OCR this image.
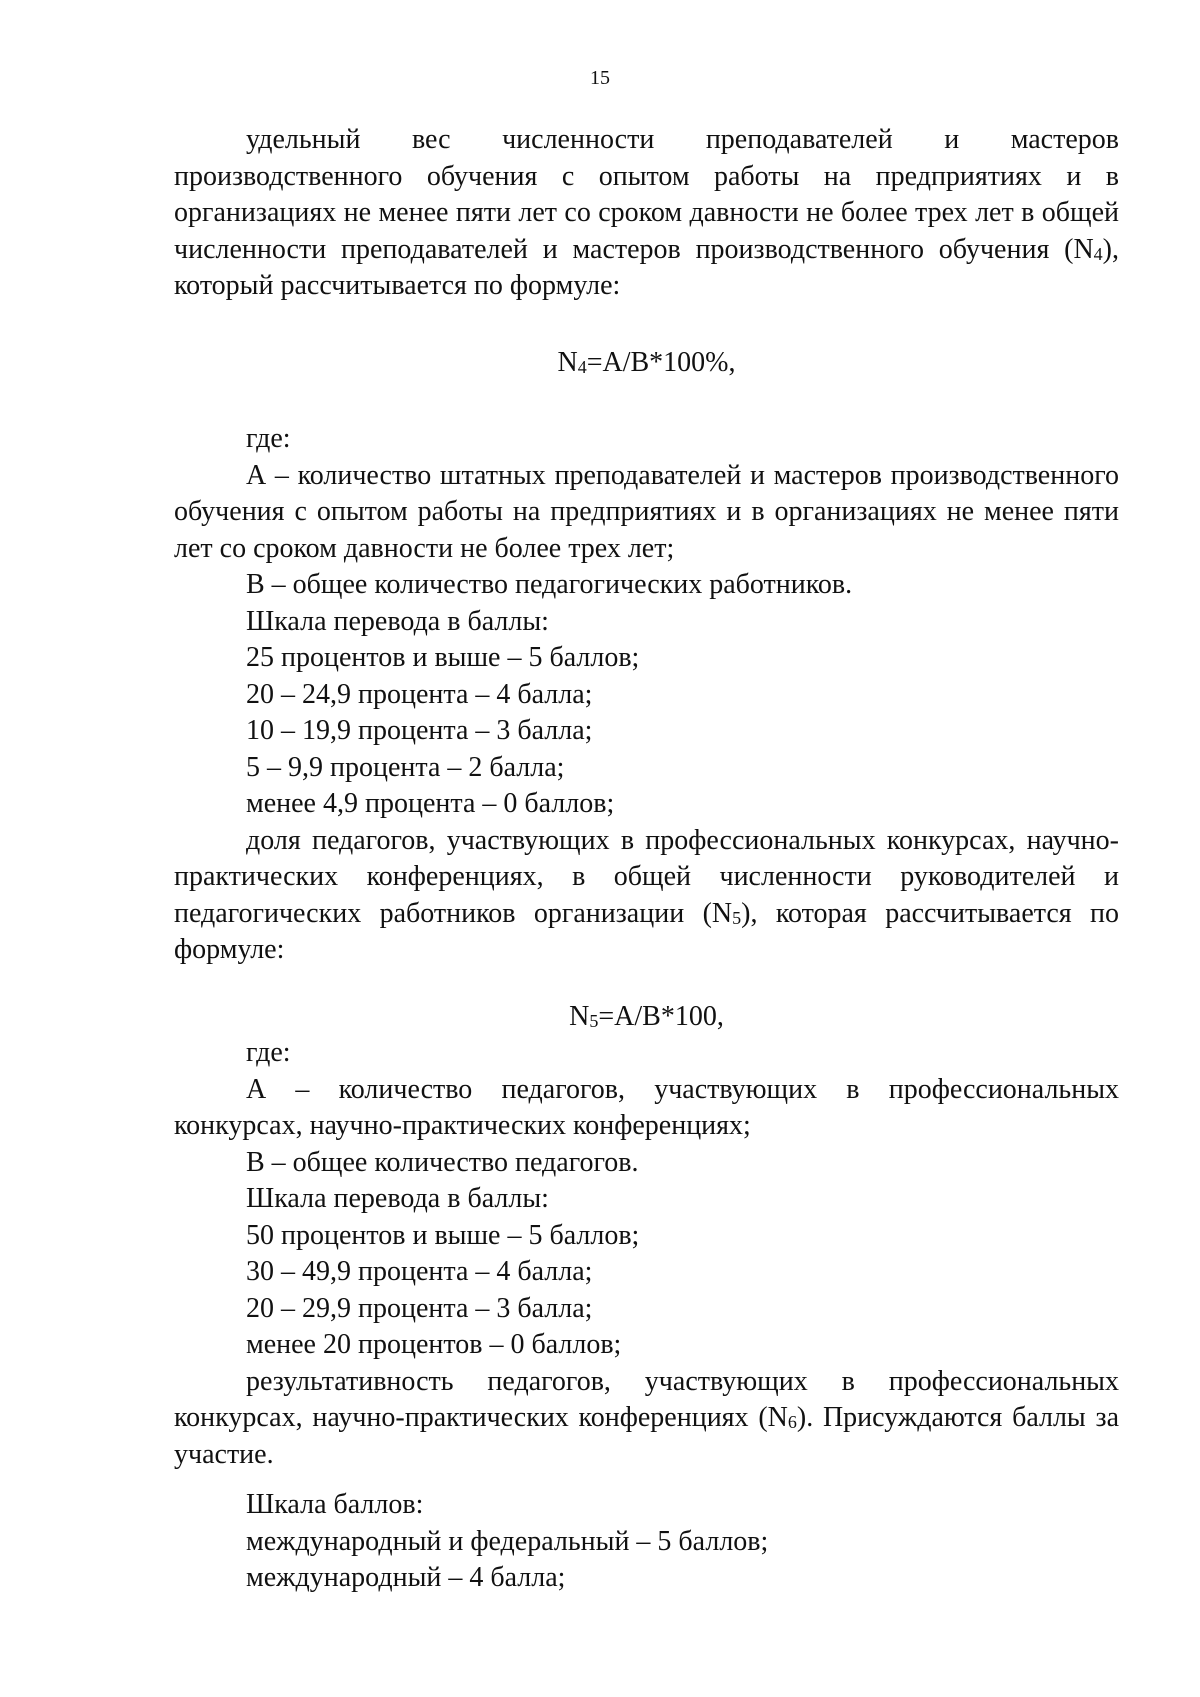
15

удельный вес численности преподавателей и мастеров производственного обучения с опытом работы на предприятиях и в организациях не менее пяти лет со сроком давности не более трех лет в общей численности преподавателей и мастеров производственного обучения $(N_4)$, который рассчитывается по формуле:

$N_4=A/B*100\%$,

где:

А – количество штатных преподавателей и мастеров производственного обучения с опытом работы на предприятиях и в организациях не менее пяти лет со сроком давности не более трех лет;

В – общее количество педагогических работников.

Шкала перевода в баллы:

25 процентов и выше – 5 баллов;

20 – 24,9 процента – 4 балла;

10 – 19,9 процента – 3 балла;

5 – 9,9 процента – 2 балла;

менее 4,9 процента – 0 баллов;

доля педагогов, участвующих в профессиональных конкурсах, научно-практических конференциях, в общей численности руководителей и педагогических работников организации $(N_5)$, которая рассчитывается по формуле:

$N_5=A/B*100$,

где:

А – количество педагогов, участвующих в профессиональных конкурсах, научно-практических конференциях;

В – общее количество педагогов.

Шкала перевода в баллы:

50 процентов и выше – 5 баллов;

30 – 49,9 процента – 4 балла;

20 – 29,9 процента – 3 балла;

менее 20 процентов – 0 баллов;

результативность педагогов, участвующих в профессиональных конкурсах, научно-практических конференциях $(N_6)$. Присуждаются баллы за участие.

Шкала баллов:

международный и федеральный – 5 баллов;

международный – 4 балла;
